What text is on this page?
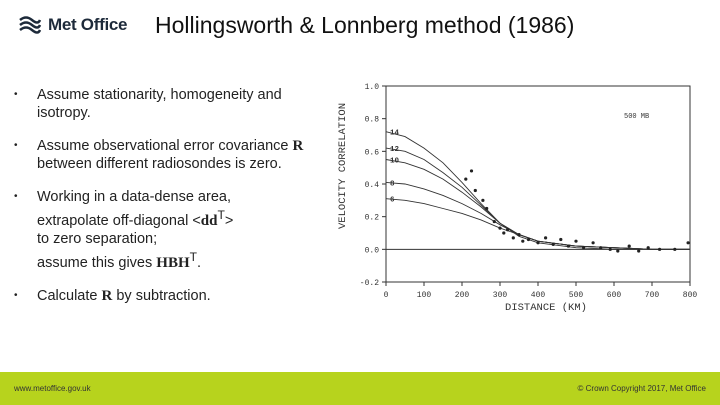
Met Office Hollingsworth & Lonnberg method (1986)
• Assume stationarity, homogeneity and
isotropy.
• Assume observational error covariance R
between different radiosondes is zero.
• Working in a data-dense area,
extrapolate off-diagonal $<dd^T>$
to zero separation;
assume this gives $HBH^T$.
• Calculate R by subtraction.
VELOCITY CORRELATION
DISTANCE (KM)
500 MB
-0.2
0.0
0.2
0.4
0.6
0.8
1.0
0	100	200	300	400	500	600	700	800
14
12
10
8
6
www.metoffice.gov.uk	© Crown Copyright 2017, Met Office
